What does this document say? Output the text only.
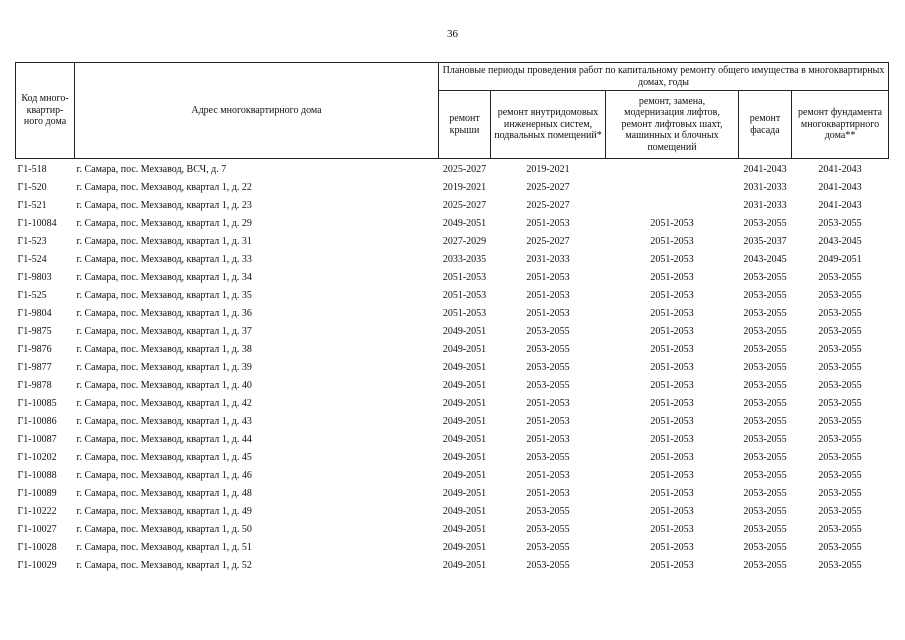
36
Код много-квартир-ного дома	Адрес многоквартирного дома	Плановые периоды проведения работ по капитальному ремонту общего имущества в многоквартирных домах, годы				
		ремонт крыши	ремонт внутридомовых инженерных систем, подвальных помещений*	ремонт, замена, модернизация лифтов, ремонт лифтовых шахт, машинных и блочных помещений	ремонт фасада	ремонт фундамента многоквартирного дома**
Г1-518	г. Самара, пос. Мехзавод, ВСЧ, д. 7	2025-2027	2019-2021		2041-2043	2041-2043
Г1-520	г. Самара, пос. Мехзавод, квартал 1, д. 22	2019-2021	2025-2027		2031-2033	2041-2043
Г1-521	г. Самара, пос. Мехзавод, квартал 1, д. 23	2025-2027	2025-2027		2031-2033	2041-2043
Г1-10084	г. Самара, пос. Мехзавод, квартал 1, д. 29	2049-2051	2051-2053	2051-2053	2053-2055	2053-2055
Г1-523	г. Самара, пос. Мехзавод, квартал 1, д. 31	2027-2029	2025-2027	2051-2053	2035-2037	2043-2045
Г1-524	г. Самара, пос. Мехзавод, квартал 1, д. 33	2033-2035	2031-2033	2051-2053	2043-2045	2049-2051
Г1-9803	г. Самара, пос. Мехзавод, квартал 1, д. 34	2051-2053	2051-2053	2051-2053	2053-2055	2053-2055
Г1-525	г. Самара, пос. Мехзавод, квартал 1, д. 35	2051-2053	2051-2053	2051-2053	2053-2055	2053-2055
Г1-9804	г. Самара, пос. Мехзавод, квартал 1, д. 36	2051-2053	2051-2053	2051-2053	2053-2055	2053-2055
Г1-9875	г. Самара, пос. Мехзавод, квартал 1, д. 37	2049-2051	2053-2055	2051-2053	2053-2055	2053-2055
Г1-9876	г. Самара, пос. Мехзавод, квартал 1, д. 38	2049-2051	2053-2055	2051-2053	2053-2055	2053-2055
Г1-9877	г. Самара, пос. Мехзавод, квартал 1, д. 39	2049-2051	2053-2055	2051-2053	2053-2055	2053-2055
Г1-9878	г. Самара, пос. Мехзавод, квартал 1, д. 40	2049-2051	2053-2055	2051-2053	2053-2055	2053-2055
Г1-10085	г. Самара, пос. Мехзавод, квартал 1, д. 42	2049-2051	2051-2053	2051-2053	2053-2055	2053-2055
Г1-10086	г. Самара, пос. Мехзавод, квартал 1, д. 43	2049-2051	2051-2053	2051-2053	2053-2055	2053-2055
Г1-10087	г. Самара, пос. Мехзавод, квартал 1, д. 44	2049-2051	2051-2053	2051-2053	2053-2055	2053-2055
Г1-10202	г. Самара, пос. Мехзавод, квартал 1, д. 45	2049-2051	2053-2055	2051-2053	2053-2055	2053-2055
Г1-10088	г. Самара, пос. Мехзавод, квартал 1, д. 46	2049-2051	2051-2053	2051-2053	2053-2055	2053-2055
Г1-10089	г. Самара, пос. Мехзавод, квартал 1, д. 48	2049-2051	2051-2053	2051-2053	2053-2055	2053-2055
Г1-10222	г. Самара, пос. Мехзавод, квартал 1, д. 49	2049-2051	2053-2055	2051-2053	2053-2055	2053-2055
Г1-10027	г. Самара, пос. Мехзавод, квартал 1, д. 50	2049-2051	2053-2055	2051-2053	2053-2055	2053-2055
Г1-10028	г. Самара, пос. Мехзавод, квартал 1, д. 51	2049-2051	2053-2055	2051-2053	2053-2055	2053-2055
Г1-10029	г. Самара, пос. Мехзавод, квартал 1, д. 52	2049-2051	2053-2055	2051-2053	2053-2055	2053-2055
